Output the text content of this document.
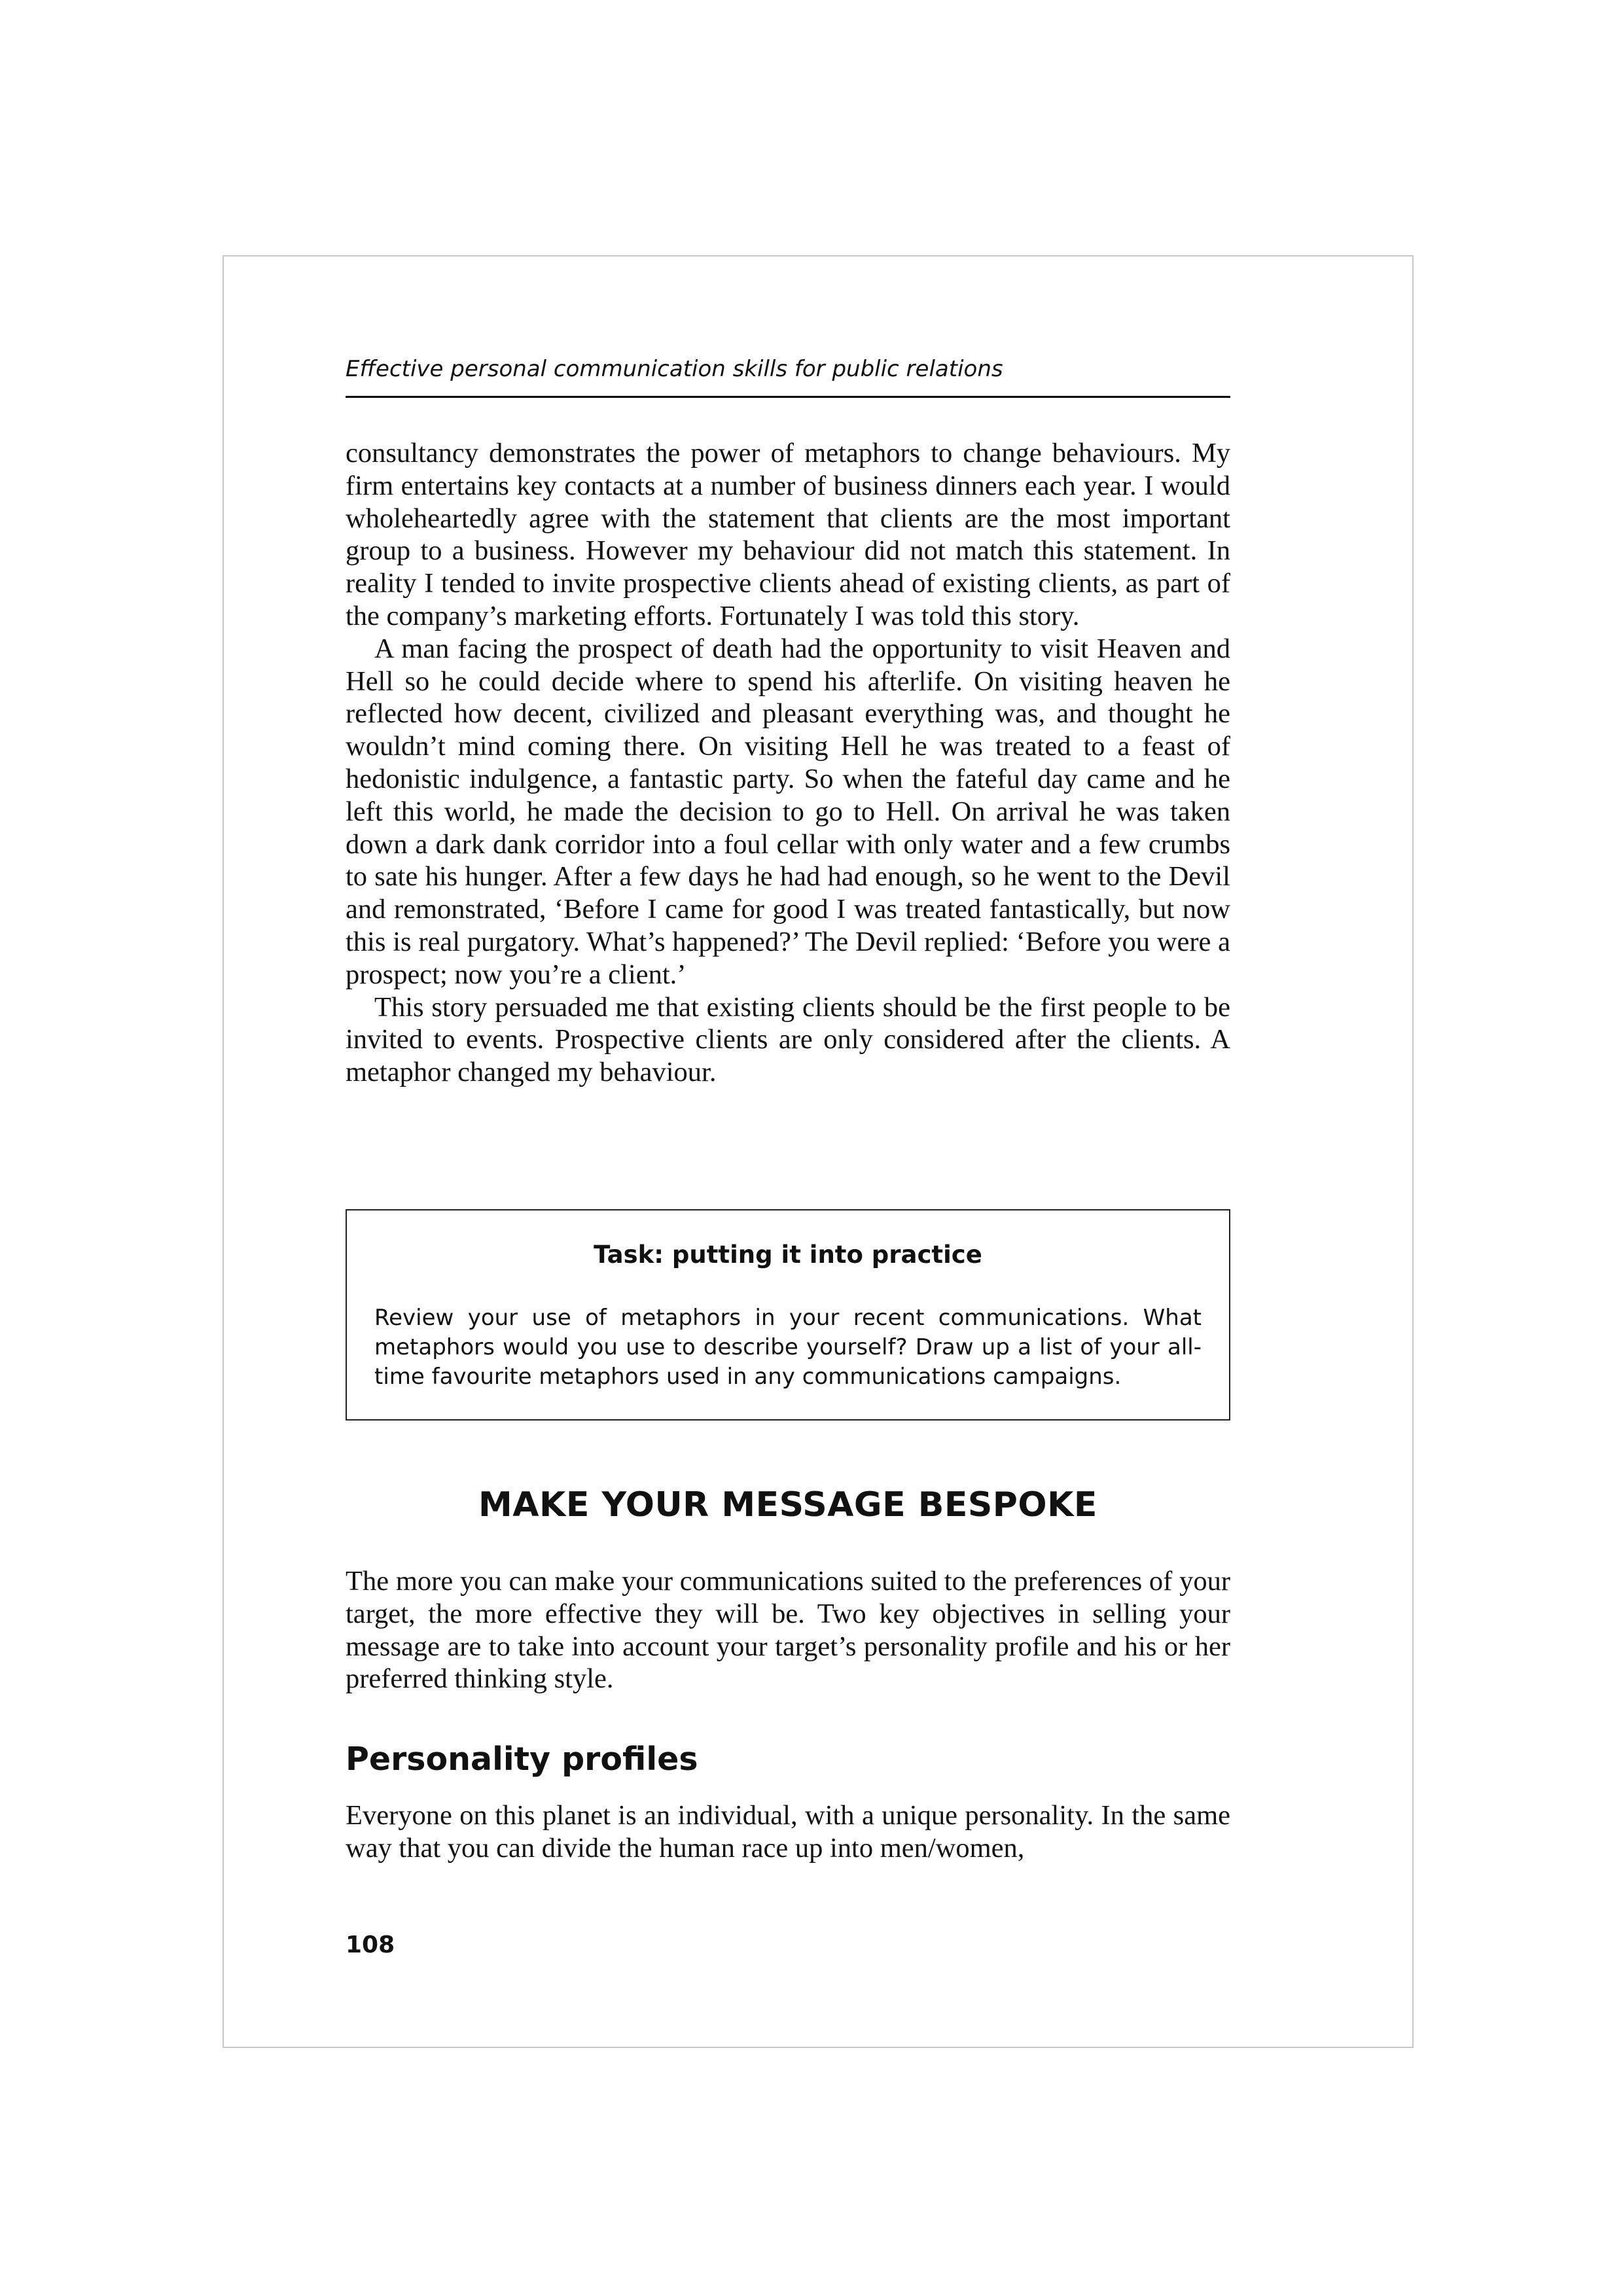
Effective personal communication skills for public relations

consultancy demonstrates the power of metaphors to change behaviours. My firm entertains key contacts at a number of business dinners each year. I would wholeheartedly agree with the statement that clients are the most important group to a business. However my behaviour did not match this statement. In reality I tended to invite prospective clients ahead of existing clients, as part of the company’s marketing efforts. Fortunately I was told this story.

A man facing the prospect of death had the opportunity to visit Heaven and Hell so he could decide where to spend his afterlife. On visiting heaven he reflected how decent, civilized and pleasant everything was, and thought he wouldn’t mind coming there. On visiting Hell he was treated to a feast of hedonistic indulgence, a fantastic party. So when the fateful day came and he left this world, he made the decision to go to Hell. On arrival he was taken down a dark dank corridor into a foul cellar with only water and a few crumbs to sate his hunger. After a few days he had had enough, so he went to the Devil and remonstrated, ‘Before I came for good I was treated fantastically, but now this is real purgatory. What’s happened?’ The Devil replied: ‘Before you were a prospect; now you’re a client.’

This story persuaded me that existing clients should be the first people to be invited to events. Prospective clients are only considered after the clients. A metaphor changed my behaviour.

Task: putting it into practice
Review your use of metaphors in your recent communications. What metaphors would you use to describe yourself? Draw up a list of your all-time favourite metaphors used in any communications campaigns.
MAKE YOUR MESSAGE BESPOKE

The more you can make your communications suited to the preferences of your target, the more effective they will be. Two key objectives in selling your message are to take into account your target’s personality profile and his or her preferred thinking style.

Personality profiles

Everyone on this planet is an individual, with a unique personality. In the same way that you can divide the human race up into men/women,

108
